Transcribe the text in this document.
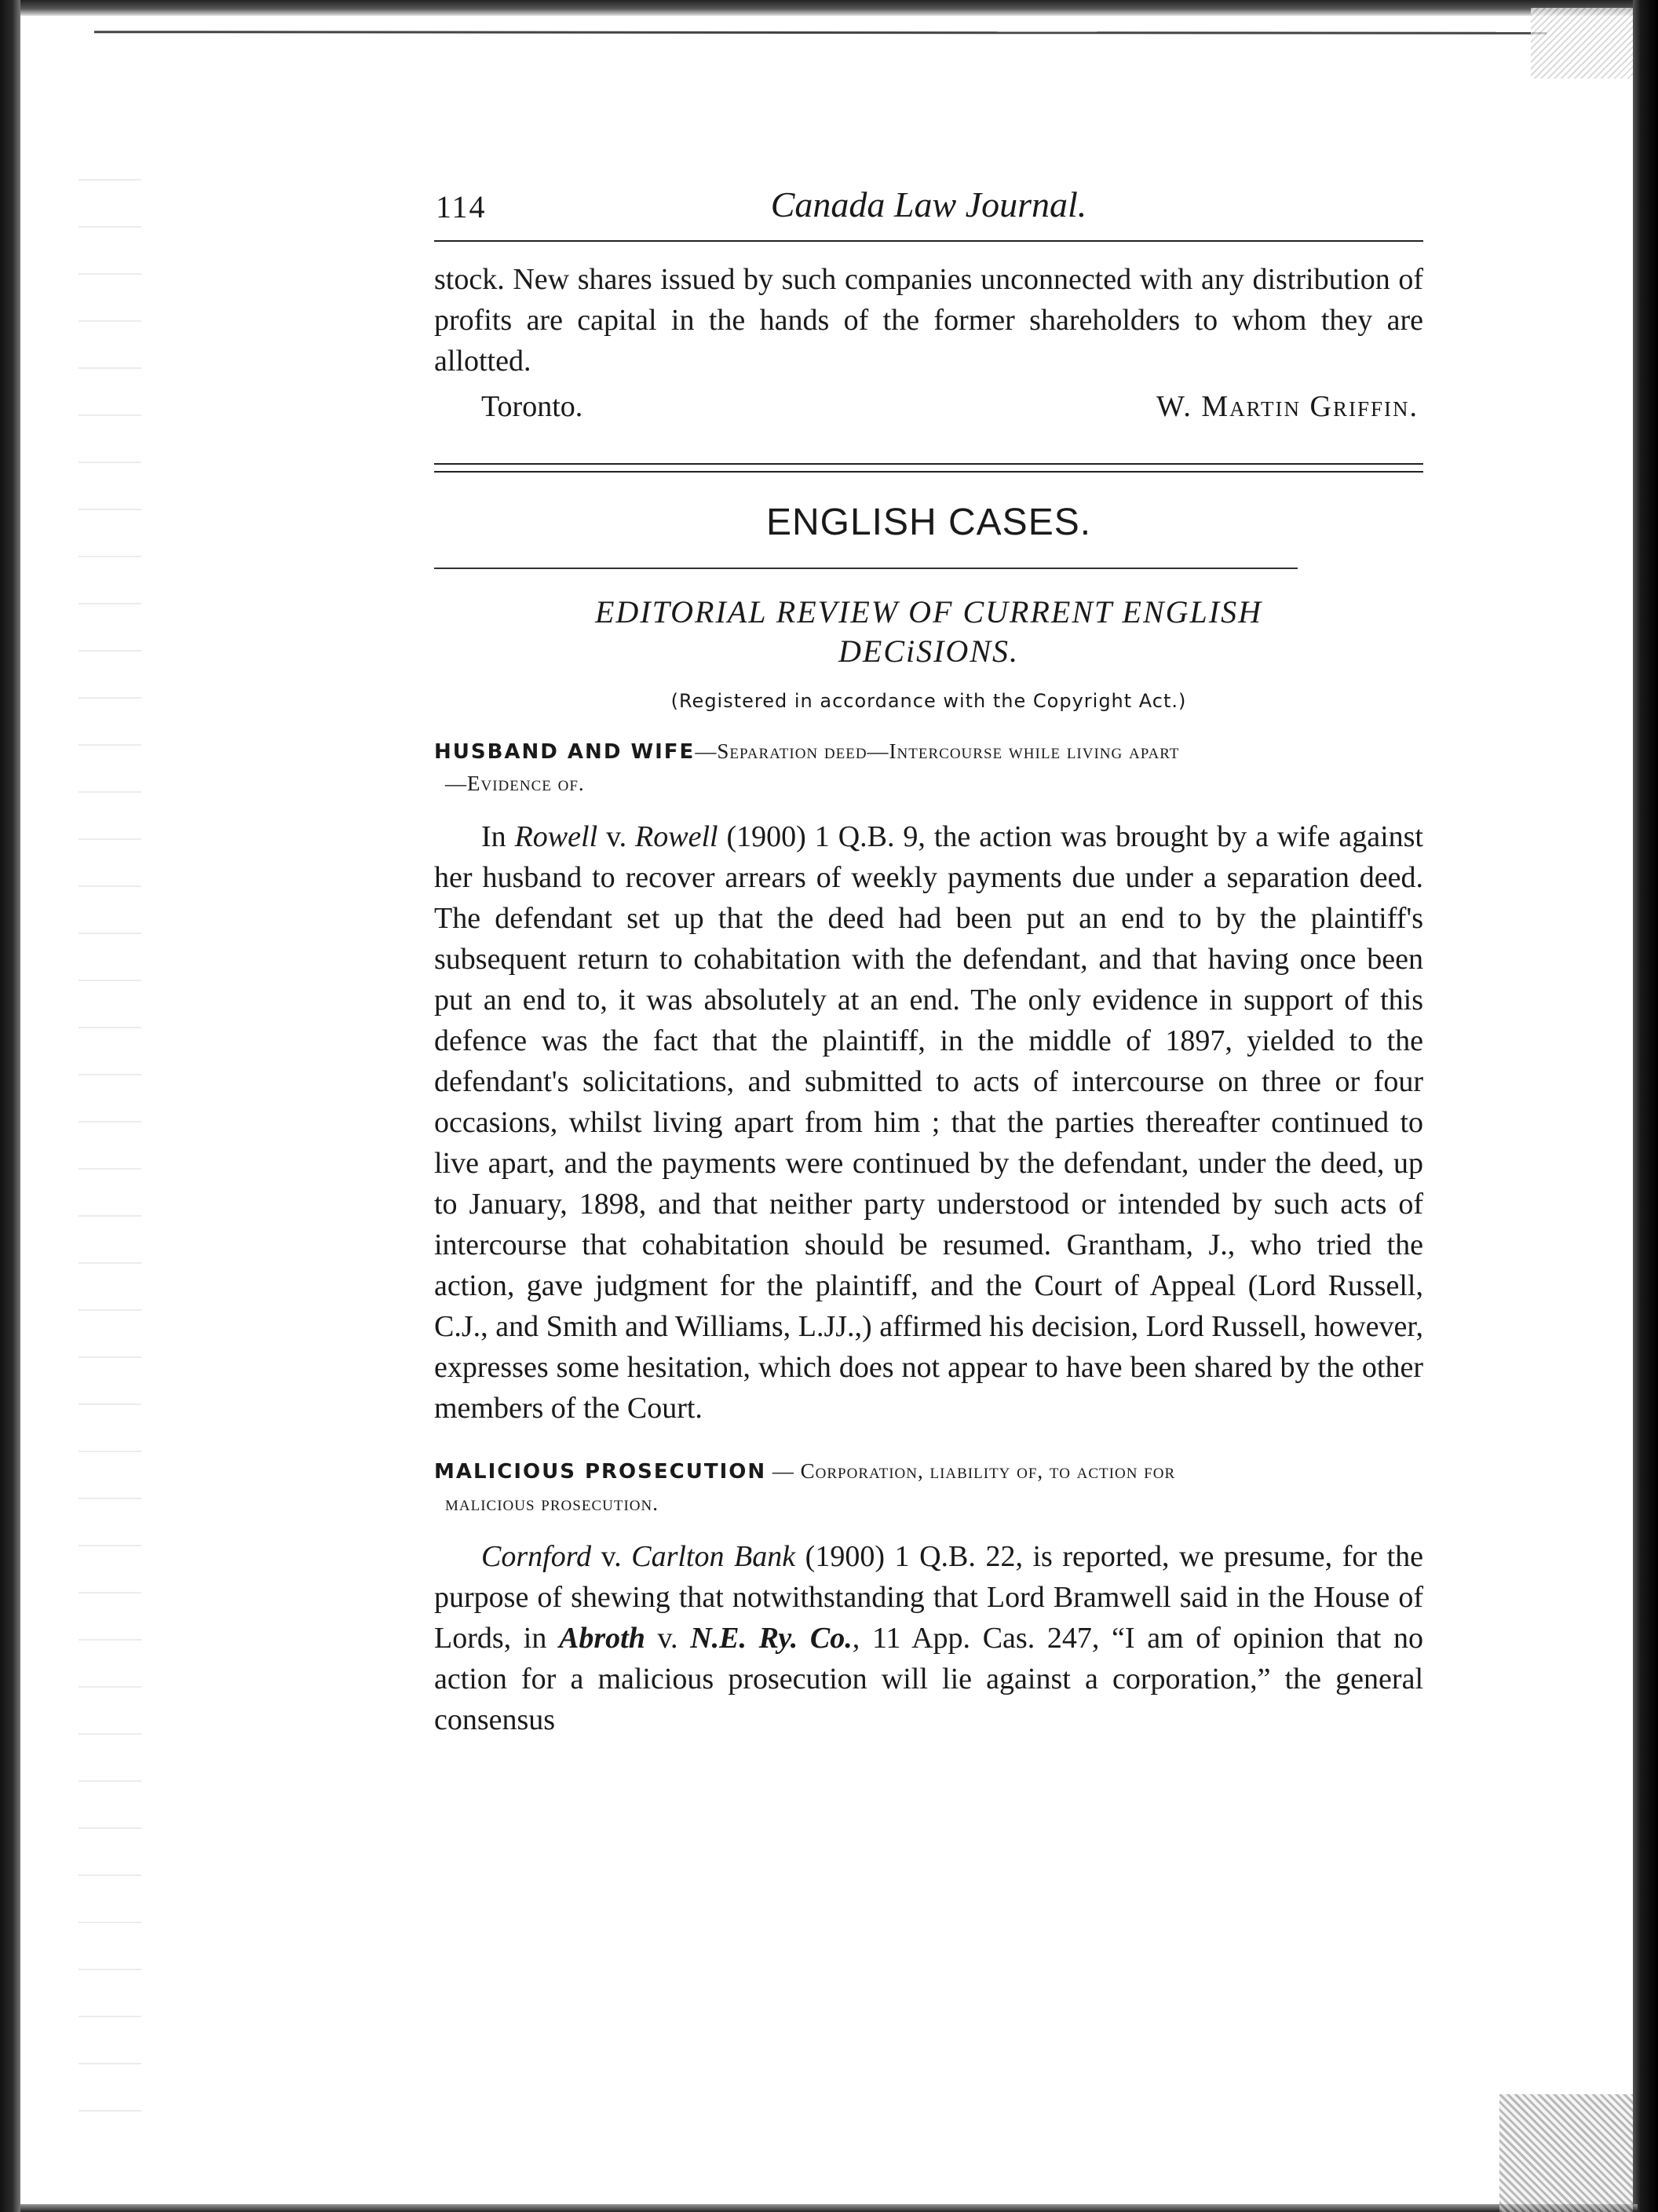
114	Canada Law Journal.

stock. New shares issued by such companies unconnected with any distribution of profits are capital in the hands of the former shareholders to whom they are allotted.

Toronto.	W. Martin Griffin.
ENGLISH CASES.
EDITORIAL REVIEW OF CURRENT ENGLISH
DECiSIONS.
(Registered in accordance with the Copyright Act.)
HUSBAND AND WIFE—Separation deed—Intercourse while living apart
—Evidence of.

In Rowell v. Rowell (1900) 1 Q.B. 9, the action was brought by a wife against her husband to recover arrears of weekly payments due under a separation deed. The defendant set up that the deed had been put an end to by the plaintiff's subsequent return to cohabitation with the defendant, and that having once been put an end to, it was absolutely at an end. The only evidence in support of this defence was the fact that the plaintiff, in the middle of 1897, yielded to the defendant's solicitations, and submitted to acts of intercourse on three or four occasions, whilst living apart from him ; that the parties thereafter continued to live apart, and the payments were continued by the defendant, under the deed, up to January, 1898, and that neither party understood or intended by such acts of intercourse that cohabitation should be resumed. Grantham, J., who tried the action, gave judgment for the plaintiff, and the Court of Appeal (Lord Russell, C.J., and Smith and Williams, L.JJ.,) affirmed his decision, Lord Russell, however, expresses some hesitation, which does not appear to have been shared by the other members of the Court.

MALICIOUS PROSECUTION — Corporation, liability of, to action for
malicious prosecution.

Cornford v. Carlton Bank (1900) 1 Q.B. 22, is reported, we presume, for the purpose of shewing that notwithstanding that Lord Bramwell said in the House of Lords, in Abroth v. N.E. Ry. Co., 11 App. Cas. 247, “I am of opinion that no action for a malicious prosecution will lie against a corporation,” the general consensus
